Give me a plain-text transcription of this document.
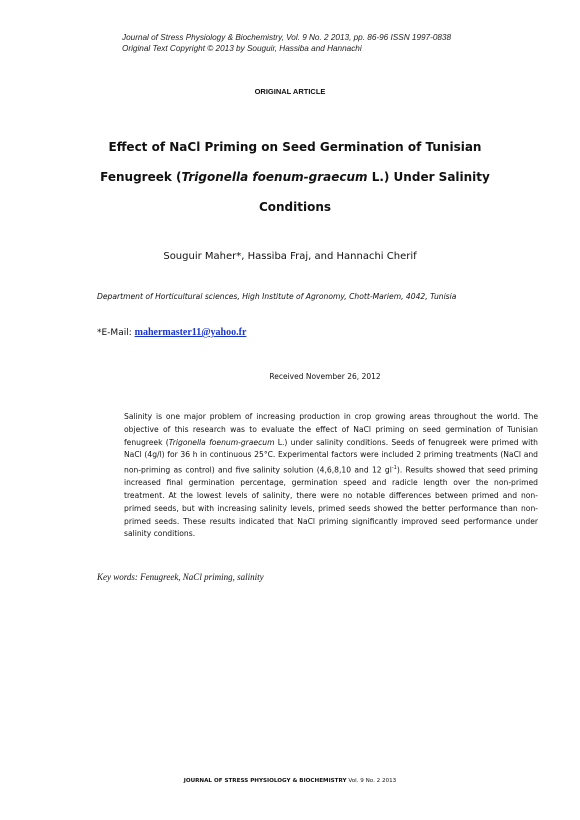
Journal of Stress Physiology & Biochemistry, Vol. 9 No. 2 2013, pp. 86-96 ISSN 1997-0838
Original Text Copyright © 2013 by Souguir, Hassiba and Hannachi
ORIGINAL ARTICLE
Effect of NaCl Priming on Seed Germination of Tunisian
Fenugreek (Trigonella foenum-graecum L.) Under Salinity
Conditions
Souguir Maher*, Hassiba Fraj, and Hannachi Cherif
Department of Horticultural sciences, High Institute of Agronomy, Chott-Mariem, 4042, Tunisia
*E-Mail: mahermaster11@yahoo.fr
Received November 26, 2012
Salinity is one major problem of increasing production in crop growing areas throughout the world. The objective of this research was to evaluate the effect of NaCl priming on seed germination of Tunisian fenugreek (Trigonella foenum-graecum L.) under salinity conditions. Seeds of fenugreek were primed with NaCl (4g/l) for 36 h in continuous 25°C. Experimental factors were included 2 priming treatments (NaCl and non-priming as control) and five salinity solution (4,6,8,10 and 12 $gl^{-1}$). Results showed that seed priming increased final germination percentage, germination speed and radicle length over the non-primed treatment. At the lowest levels of salinity, there were no notable differences between primed and non-primed seeds, but with increasing salinity levels, primed seeds showed the better performance than non-primed seeds. These results indicated that NaCl priming significantly improved seed performance under salinity conditions.
Key words: Fenugreek, NaCl priming, salinity
JOURNAL OF STRESS PHYSIOLOGY & BIOCHEMISTRY Vol. 9 No. 2 2013
